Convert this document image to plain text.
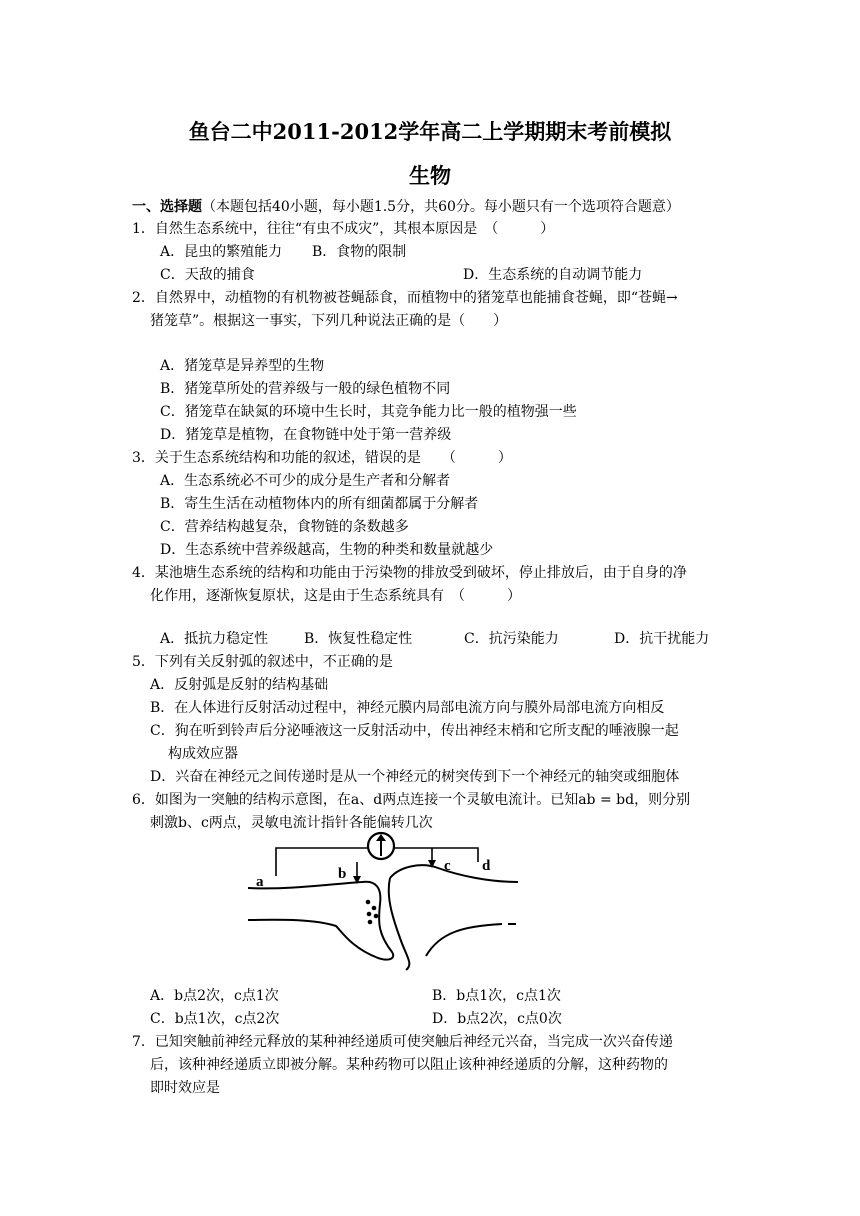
鱼台二中2011-2012学年高二上学期期末考前模拟
生物
一、选择题（本题包括40小题，每小题1.5分，共60分。每小题只有一个选项符合题意）
1．自然生态系统中，往往“有虫不成灾”，其根本原因是　（　　　）
A．昆虫的繁殖能力 B．食物的限制
C．天敌的捕食	D．生态系统的自动调节能力
2．自然界中，动植物的有机物被苍蝇舔食，而植物中的猪笼草也能捕食苍蝇，即“苍蝇→
猪笼草”。根据这一事实，下列几种说法正确的是（　　）
A．猪笼草是异养型的生物
B．猪笼草所处的营养级与一般的绿色植物不同
C．猪笼草在缺氮的环境中生长时，其竞争能力比一般的植物强一些
D．猪笼草是植物，在食物链中处于第一营养级
3．关于生态系统结构和功能的叙述，错误的是　　（　　　）
A．生态系统必不可少的成分是生产者和分解者
B．寄生生活在动植物体内的所有细菌都属于分解者
C．营养结构越复杂，食物链的条数越多
D．生态系统中营养级越高，生物的种类和数量就越少
4．某池塘生态系统的结构和功能由于污染物的排放受到破坏，停止排放后，由于自身的净
化作用，逐渐恢复原状，这是由于生态系统具有　（　　　）
A．抵抗力稳定性	B．恢复性稳定性	C．抗污染能力	D．抗干扰能力
5．下列有关反射弧的叙述中，不正确的是
A．反射弧是反射的结构基础
B．在人体进行反射活动过程中，神经元膜内局部电流方向与膜外局部电流方向相反
C．狗在听到铃声后分泌唾液这一反射活动中，传出神经末梢和它所支配的唾液腺一起
构成效应器
D．兴奋在神经元之间传递时是从一个神经元的树突传到下一个神经元的轴突或细胞体
6．如图为一突触的结构示意图，在a、d两点连接一个灵敏电流计。已知ab = bd，则分别
刺激b、c两点，灵敏电流计指针各能偏转几次
a	b	c d
A．b点2次，c点1次	B．b点1次，c点1次
C．b点1次，c点2次	D．b点2次，c点0次
7．已知突触前神经元释放的某种神经递质可使突触后神经元兴奋，当完成一次兴奋传递
后，该种神经递质立即被分解。某种药物可以阻止该种神经递质的分解，这种药物的
即时效应是
